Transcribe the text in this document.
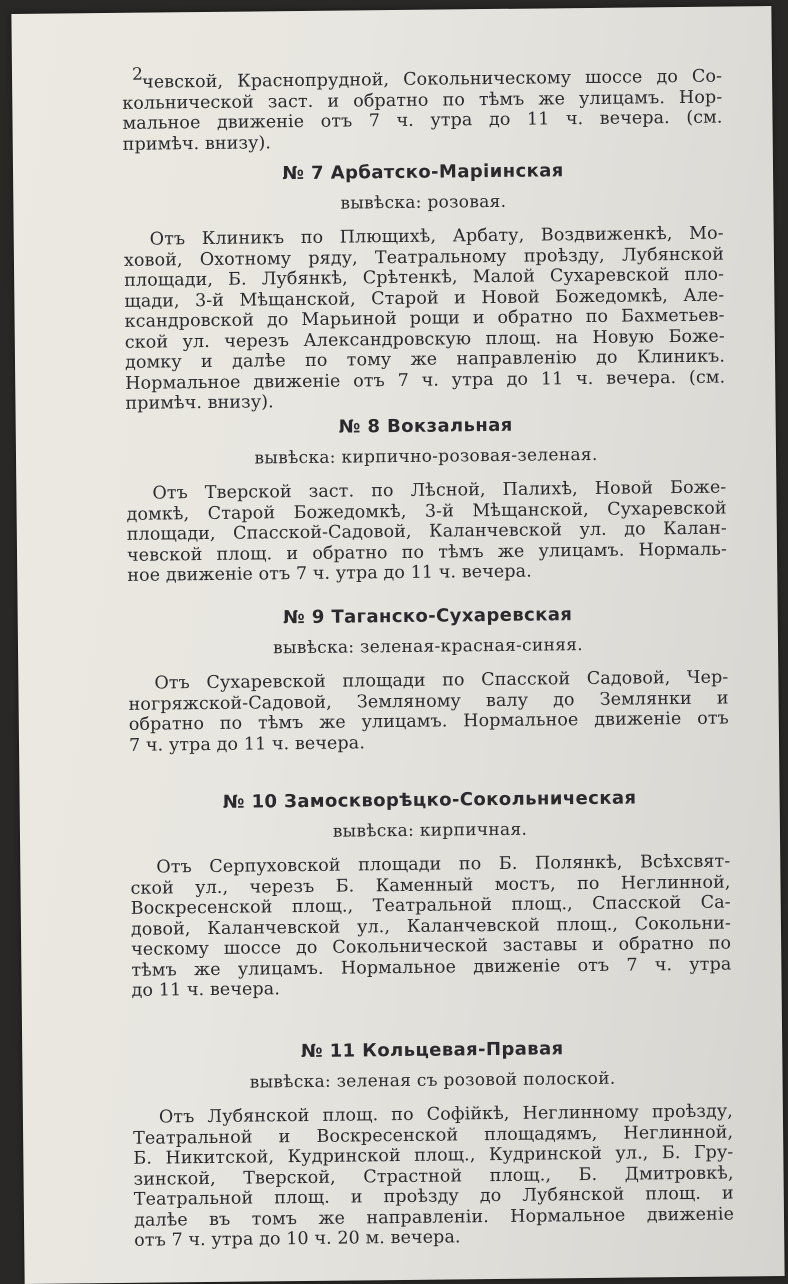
2 чевской, Краснопрудной, Сокольническому шоссе до Со-
кольнической заст. и обратно по тѣмъ же улицамъ. Нор-
мальное движенiе отъ 7 ч. утра до 11 ч. вечера. (см.
примѣч. внизу).

№ 7 Арбатско-Марiинская

вывѣска: розовая.

Отъ Клиникъ по Плющихѣ, Арбату, Воздвиженкѣ, Мо-
ховой, Охотному ряду, Театральному проѣзду, Лубянской
площади, Б. Лубянкѣ, Срѣтенкѣ, Малой Сухаревской пло-
щади, 3-й Мѣщанской, Старой и Новой Божедомкѣ, Але-
ксандровской до Марьиной рощи и обратно по Бахметьев-
ской ул. черезъ Александровскую площ. на Новую Боже-
домку и далѣе по тому же направленiю до Клиникъ.
Нормальное движенiе отъ 7 ч. утра до 11 ч. вечера. (см.
примѣч. внизу).

№ 8 Вокзальная

вывѣска: кирпично-розовая-зеленая.

Отъ Тверской заст. по Лѣсной, Палихѣ, Новой Боже-
домкѣ, Старой Божедомкѣ, 3-й Мѣщанской, Сухаревской
площади, Спасской-Садовой, Каланчевской ул. до Калан-
чевской площ. и обратно по тѣмъ же улицамъ. Нормаль-
ное движенiе отъ 7 ч. утра до 11 ч. вечера.

№ 9 Таганско-Сухаревская

вывѣска: зеленая-красная-синяя.

Отъ Сухаревской площади по Спасской Садовой, Чер-
ногряжской-Садовой, Земляному валу до Землянки и
обратно по тѣмъ же улицамъ. Нормальное движенiе отъ
7 ч. утра до 11 ч. вечера.

№ 10 Замоскворѣцко-Сокольническая

вывѣска: кирпичная.

Отъ Серпуховской площади по Б. Полянкѣ, Всѣхсвят-
ской ул., черезъ Б. Каменный мостъ, по Неглинной,
Воскресенской площ., Театральной площ., Спасской Са-
довой, Каланчевской ул., Каланчевской площ., Сокольни-
ческому шоссе до Сокольнической заставы и обратно по
тѣмъ же улицамъ. Нормальное движенiе отъ 7 ч. утра
до 11 ч. вечера.

№ 11 Кольцевая-Правая

вывѣска: зеленая съ розовой полоской.

Отъ Лубянской площ. по Софiйкѣ, Неглинному проѣзду,
Театральной и Воскресенской площадямъ, Неглинной,
Б. Никитской, Кудринской площ., Кудринской ул., Б. Гру-
зинской, Тверской, Страстной площ., Б. Дмитровкѣ,
Театральной площ. и проѣзду до Лубянской площ. и
далѣе въ томъ же направленiи. Нормальное движенiе
отъ 7 ч. утра до 10 ч. 20 м. вечера.
